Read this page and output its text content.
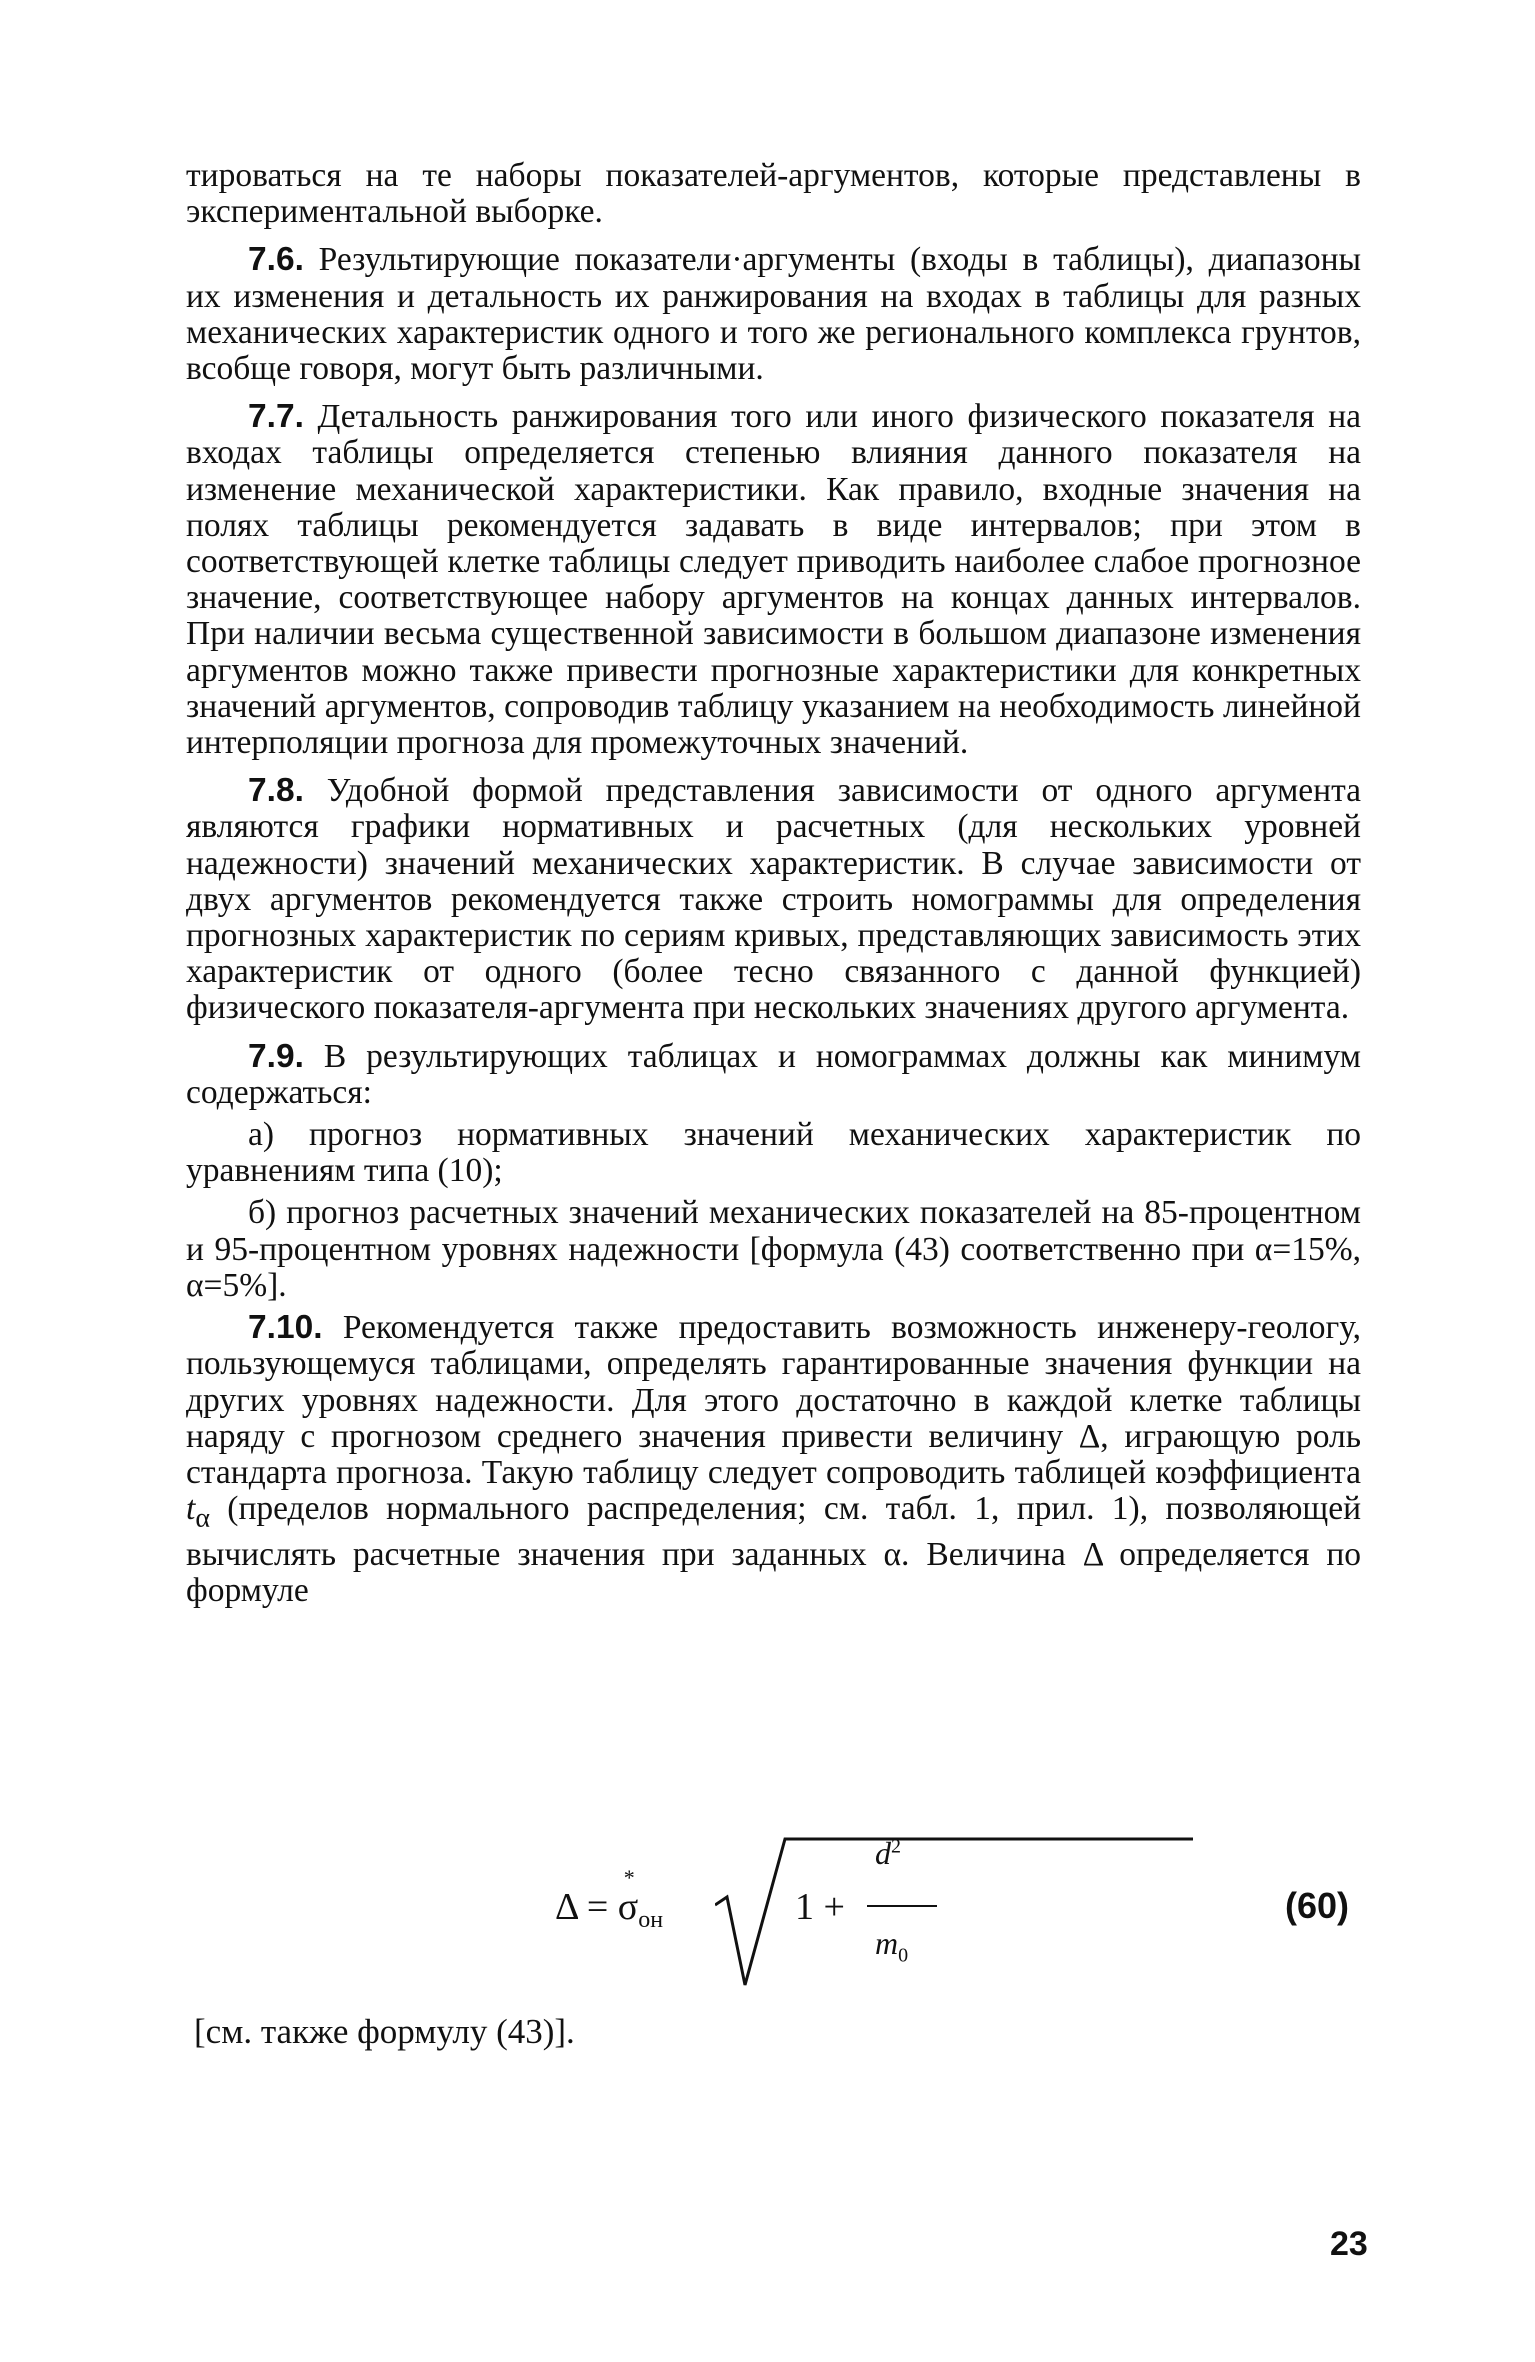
тироваться на те наборы показателей-аргументов, которые представлены в экспериментальной выборке.

7.6. Результирующие показатели·аргументы (входы в таблицы), диапазоны их изменения и детальность их ранжирования на входах в таблицы для разных механических характеристик одного и того же регионального комплекса грунтов, всобще говоря, могут быть различными.

7.7. Детальность ранжирования того или иного физического показателя на входах таблицы определяется степенью влияния данного показателя на изменение механической характеристики. Как правило, входные значения на полях таблицы рекомендуется задавать в виде интервалов; при этом в соответствующей клетке таблицы следует приводить наиболее слабое прогнозное значение, соответствующее набору аргументов на концах данных интервалов. При наличии весьма существенной зависимости в большом диапазоне изменения аргументов можно также привести прогнозные характеристики для конкретных значений аргументов, сопроводив таблицу указанием на необходимость линейной интерполяции прогноза для промежуточных значений.

7.8. Удобной формой представления зависимости от одного аргумента являются графики нормативных и расчетных (для нескольких уровней надежности) значений механических характеристик. В случае зависимости от двух аргументов рекомендуется также строить номограммы для определения прогнозных характеристик по сериям кривых, представляющих зависимость этих характеристик от одного (более тесно связанного с данной функцией) физического показателя-аргумента при нескольких значениях другого аргумента.

7.9. В результирующих таблицах и номограммах должны как минимум содержаться:

а) прогноз нормативных значений механических характеристик по уравнениям типа (10);

б) прогноз расчетных значений механических показателей на 85-процентном и 95-процентном уровнях надежности [формула (43) соответственно при α=15%, α=5%].

7.10. Рекомендуется также предоставить возможность инженеру-геологу, пользующемуся таблицами, определять гарантированные значения функции на других уровнях надежности. Для этого достаточно в каждой клетке таблицы наряду с прогнозом среднего значения привести величину Δ, играющую роль стандарта прогноза. Такую таблицу следует сопроводить таблицей коэффициента $t_\alpha$ (пределов нормального распределения; см. табл. 1, прил. 1), позволяющей вычислять расчетные значения при заданных α. Величина Δ определяется по формуле

Δ =
*
$\sigma_{он}$	1 +
$d^2$
$m_0$
(60)
[см. также формулу (43)].
23
